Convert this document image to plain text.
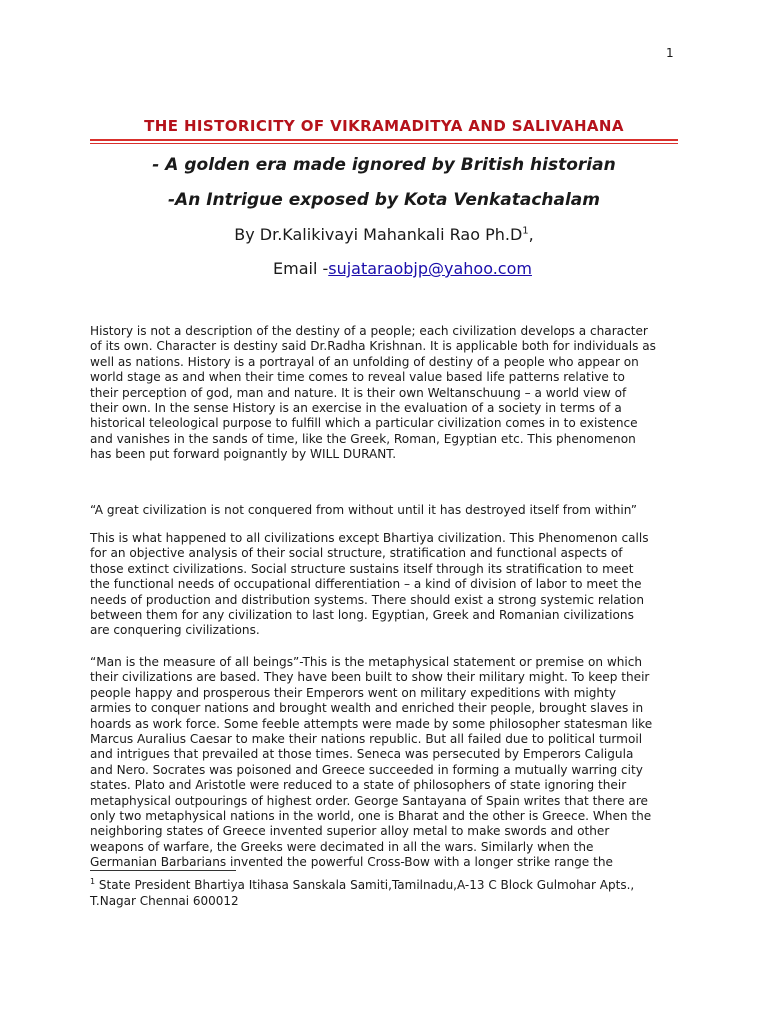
1
THE HISTORICITY OF VIKRAMADITYA AND SALIVAHANA
- A golden era made ignored by British historian
-An Intrigue exposed by Kota Venkatachalam
By Dr.Kalikivayi Mahankali Rao $Ph.D^1$,
Email -sujataraobjp@yahoo.com
History is not a description of the destiny of a people; each civilization develops a character
of its own. Character is destiny said Dr.Radha Krishnan. It is applicable both for individuals as
well as nations. History is a portrayal of an unfolding of destiny of a people who appear on
world stage as and when their time comes to reveal value based life patterns relative to
their perception of god, man and nature. It is their own Weltanschuung – a world view of
their own. In the sense History is an exercise in the evaluation of a society in terms of a
historical teleological purpose to fulfill which a particular civilization comes in to existence
and vanishes in the sands of time, like the Greek, Roman, Egyptian etc. This phenomenon
has been put forward poignantly by WILL DURANT.
“A great civilization is not conquered from without until it has destroyed itself from within”
This is what happened to all civilizations except Bhartiya civilization. This Phenomenon calls
for an objective analysis of their social structure, stratification and functional aspects of
those extinct civilizations. Social structure sustains itself through its stratification to meet
the functional needs of occupational differentiation – a kind of division of labor to meet the
needs of production and distribution systems. There should exist a strong systemic relation
between them for any civilization to last long. Egyptian, Greek and Romanian civilizations
are conquering civilizations.
“Man is the measure of all beings”-This is the metaphysical statement or premise on which
their civilizations are based. They have been built to show their military might. To keep their
people happy and prosperous their Emperors went on military expeditions with mighty
armies to conquer nations and brought wealth and enriched their people, brought slaves in
hoards as work force. Some feeble attempts were made by some philosopher statesman like
Marcus Auralius Caesar to make their nations republic. But all failed due to political turmoil
and intrigues that prevailed at those times. Seneca was persecuted by Emperors Caligula
and Nero. Socrates was poisoned and Greece succeeded in forming a mutually warring city
states. Plato and Aristotle were reduced to a state of philosophers of state ignoring their
metaphysical outpourings of highest order. George Santayana of Spain writes that there are
only two metaphysical nations in the world, one is Bharat and the other is Greece. When the
neighboring states of Greece invented superior alloy metal to make swords and other
weapons of warfare, the Greeks were decimated in all the wars. Similarly when the
Germanian Barbarians invented the powerful Cross-Bow with a longer strike range the
$^1$ State President Bhartiya Itihasa Sanskala Samiti,Tamilnadu,A-13 C Block Gulmohar Apts.,
T.Nagar Chennai 600012
